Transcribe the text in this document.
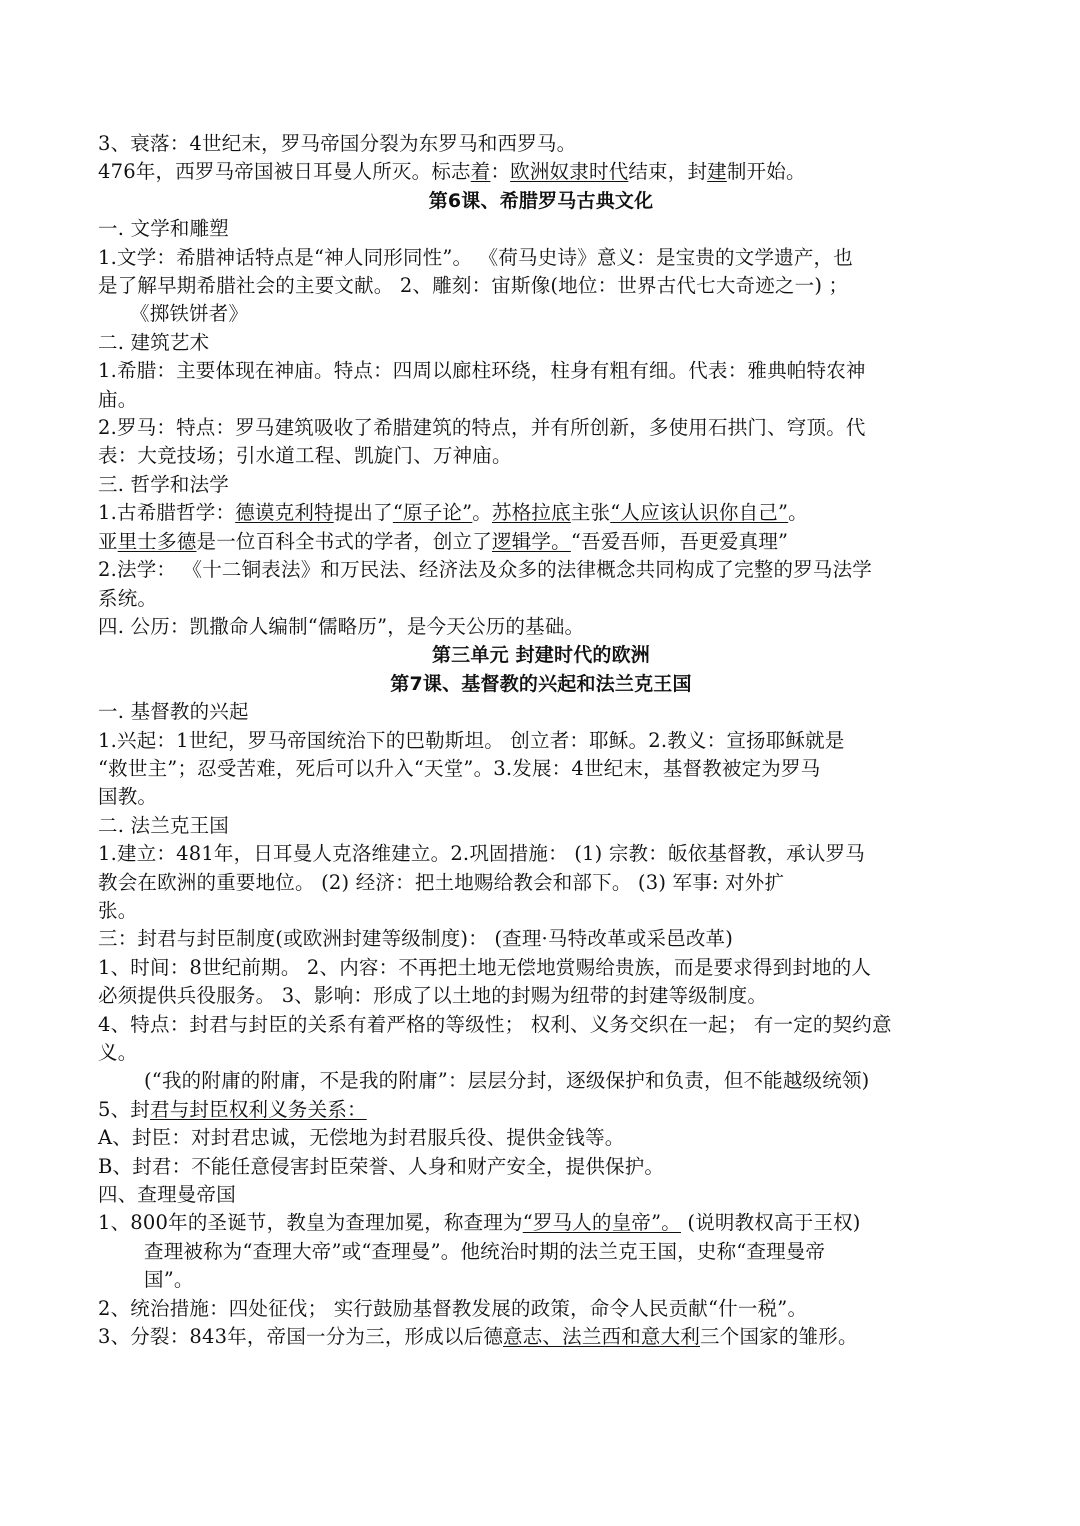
3、衰落：4世纪末，罗马帝国分裂为东罗马和西罗马。
476年，西罗马帝国被日耳曼人所灭。标志着：欧洲奴隶时代结束，封建制开始。
第6课、希腊罗马古典文化
一. 文学和雕塑
1.文学：希腊神话特点是“神人同形同性”。 《荷马史诗》意义：是宝贵的文学遗产，也
是了解早期希腊社会的主要文献。 2、雕刻：宙斯像(地位：世界古代七大奇迹之一) ；
《掷铁饼者》
二. 建筑艺术
1.希腊：主要体现在神庙。特点：四周以廊柱环绕，柱身有粗有细。代表：雅典帕特农神
庙。
2.罗马：特点：罗马建筑吸收了希腊建筑的特点，并有所创新，多使用石拱门、穹顶。代
表：大竞技场；引水道工程、凯旋门、万神庙。
三. 哲学和法学
1.古希腊哲学：德谟克利特提出了“原子论”。苏格拉底主张“人应该认识你自己”。
亚里士多德是一位百科全书式的学者，创立了逻辑学。“吾爱吾师，吾更爱真理”
2.法学： 《十二铜表法》和万民法、经济法及众多的法律概念共同构成了完整的罗马法学
系统。
四. 公历：凯撒命人编制“儒略历”，是今天公历的基础。
第三单元 封建时代的欧洲
第7课、基督教的兴起和法兰克王国
一. 基督教的兴起
1.兴起：1世纪，罗马帝国统治下的巴勒斯坦。 创立者：耶稣。2.教义：宣扬耶稣就是
“救世主”；忍受苦难，死后可以升入“天堂”。3.发展：4世纪末，基督教被定为罗马
国教。
二. 法兰克王国
1.建立：481年，日耳曼人克洛维建立。2.巩固措施： (1) 宗教：皈依基督教，承认罗马
教会在欧洲的重要地位。 (2) 经济：把土地赐给教会和部下。 (3) 军事: 对外扩
张。
三：封君与封臣制度(或欧洲封建等级制度)： (查理·马特改革或采邑改革)
1、时间：8世纪前期。 2、内容：不再把土地无偿地赏赐给贵族，而是要求得到封地的人
必须提供兵役服务。 3、影响：形成了以土地的封赐为纽带的封建等级制度。
4、特点：封君与封臣的关系有着严格的等级性； 权利、义务交织在一起； 有一定的契约意
义。
(“我的附庸的附庸，不是我的附庸”：层层分封，逐级保护和负责，但不能越级统领)
5、封君与封臣权利义务关系：
A、封臣：对封君忠诚，无偿地为封君服兵役、提供金钱等。
B、封君：不能任意侵害封臣荣誉、人身和财产安全，提供保护。
四、查理曼帝国
1、800年的圣诞节，教皇为查理加冕，称查理为“罗马人的皇帝”。 (说明教权高于王权)
查理被称为“查理大帝”或“查理曼”。他统治时期的法兰克王国，史称“查理曼帝
国”。
2、统治措施：四处征伐； 实行鼓励基督教发展的政策，命令人民贡献“什一税”。
3、分裂：843年，帝国一分为三，形成以后德意志、法兰西和意大利三个国家的雏形。
